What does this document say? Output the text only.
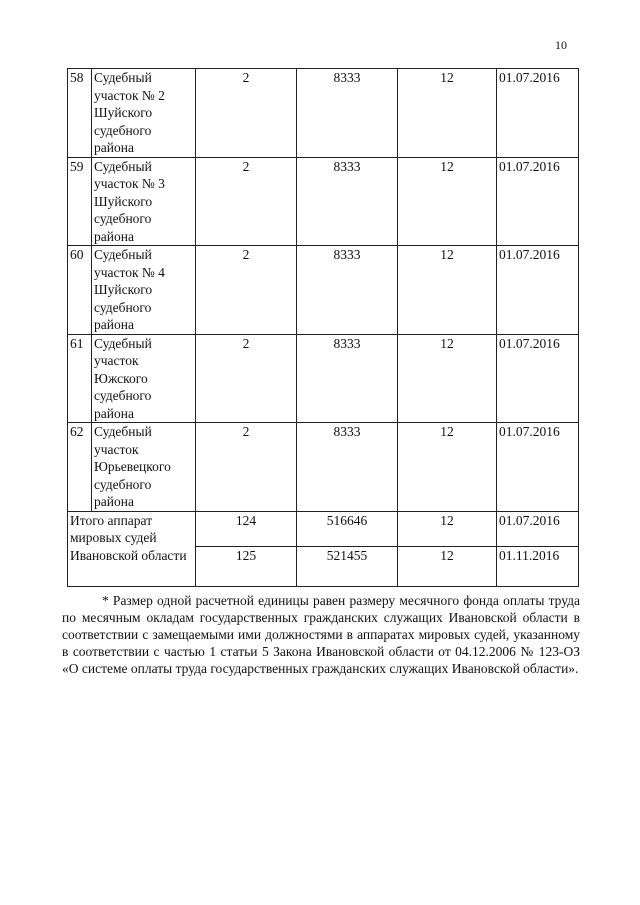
10
58	Судебный участок № 2 Шуйского судебного района	2	8333	12	01.07.2016
59	Судебный участок № 3 Шуйского судебного района	2	8333	12	01.07.2016
60	Судебный участок № 4 Шуйского судебного района	2	8333	12	01.07.2016
61	Судебный участок Южского судебного района	2	8333	12	01.07.2016
62	Судебный участок Юрьевецкого судебного района	2	8333	12	01.07.2016
Итого аппарат мировых судей Ивановской области		124	516646	12	01.07.2016
		125	521455	12	01.11.2016

* Размер одной расчетной единицы равен размеру месячного фонда оплаты труда по месячным окладам государственных гражданских служащих Ивановской области в соответствии с замещаемыми ими должностями в аппаратах мировых судей, указанному в соответствии с частью 1 статьи 5 Закона Ивановской области от 04.12.2006 № 123-ОЗ «О системе оплаты труда государственных гражданских служащих Ивановской области».
